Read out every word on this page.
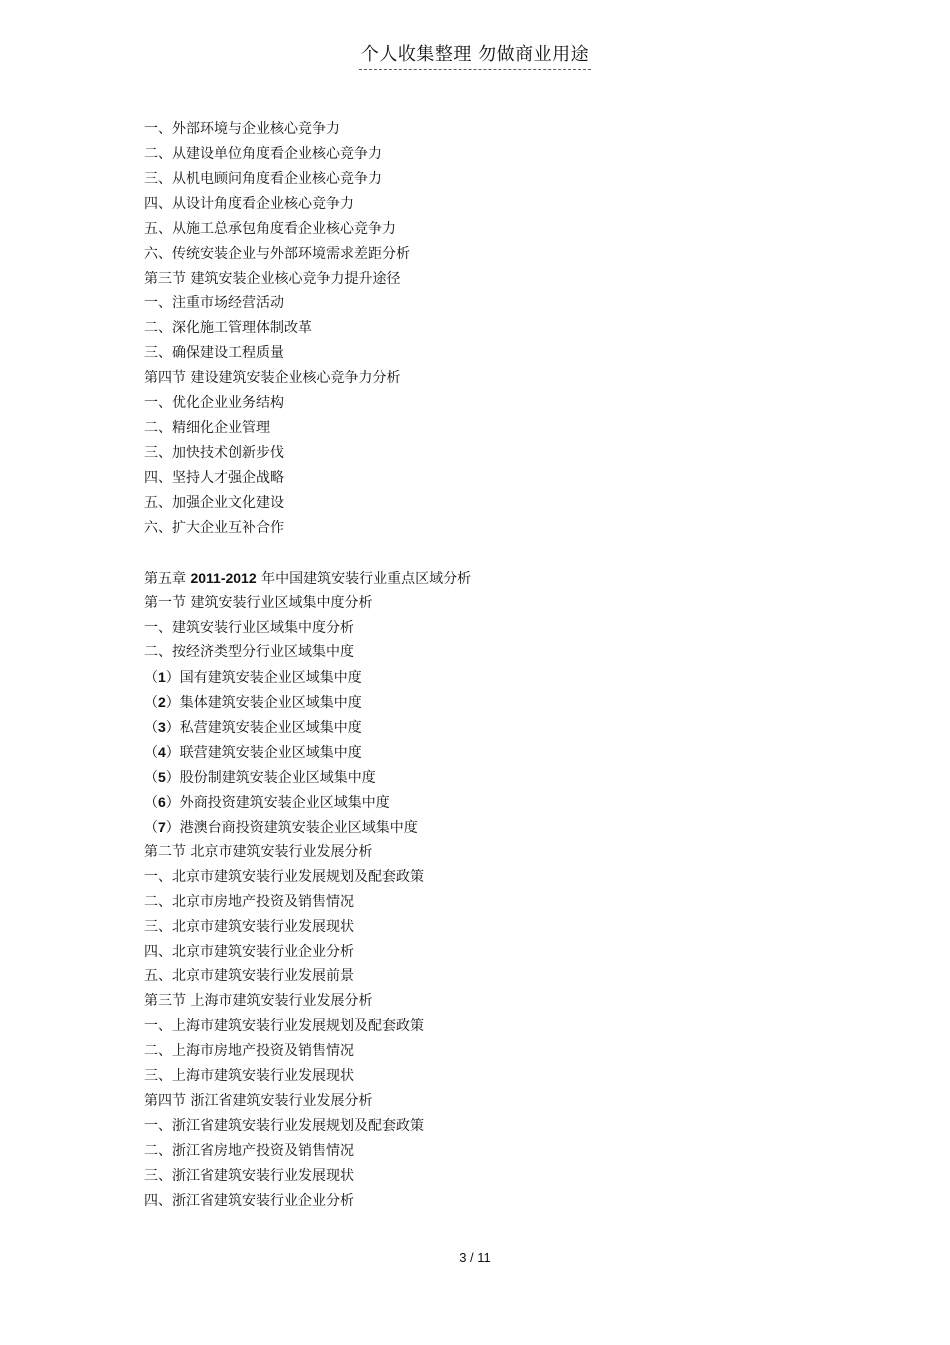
个人收集整理 勿做商业用途
一、外部环境与企业核心竞争力
二、从建设单位角度看企业核心竞争力
三、从机电顾问角度看企业核心竞争力
四、从设计角度看企业核心竞争力
五、从施工总承包角度看企业核心竞争力
六、传统安装企业与外部环境需求差距分析
第三节 建筑安装企业核心竞争力提升途径
一、注重市场经营活动
二、深化施工管理体制改革
三、确保建设工程质量
第四节 建设建筑安装企业核心竞争力分析
一、优化企业业务结构
二、精细化企业管理
三、加快技术创新步伐
四、坚持人才强企战略
五、加强企业文化建设
六、扩大企业互补合作
第五章 2011-2012 年中国建筑安装行业重点区域分析
第一节 建筑安装行业区域集中度分析
一、建筑安装行业区域集中度分析
二、按经济类型分行业区域集中度
（1）国有建筑安装企业区域集中度
（2）集体建筑安装企业区域集中度
（3）私营建筑安装企业区域集中度
（4）联营建筑安装企业区域集中度
（5）股份制建筑安装企业区域集中度
（6）外商投资建筑安装企业区域集中度
（7）港澳台商投资建筑安装企业区域集中度
第二节 北京市建筑安装行业发展分析
一、北京市建筑安装行业发展规划及配套政策
二、北京市房地产投资及销售情况
三、北京市建筑安装行业发展现状
四、北京市建筑安装行业企业分析
五、北京市建筑安装行业发展前景
第三节 上海市建筑安装行业发展分析
一、上海市建筑安装行业发展规划及配套政策
二、上海市房地产投资及销售情况
三、上海市建筑安装行业发展现状
第四节 浙江省建筑安装行业发展分析
一、浙江省建筑安装行业发展规划及配套政策
二、浙江省房地产投资及销售情况
三、浙江省建筑安装行业发展现状
四、浙江省建筑安装行业企业分析
3 / 11
